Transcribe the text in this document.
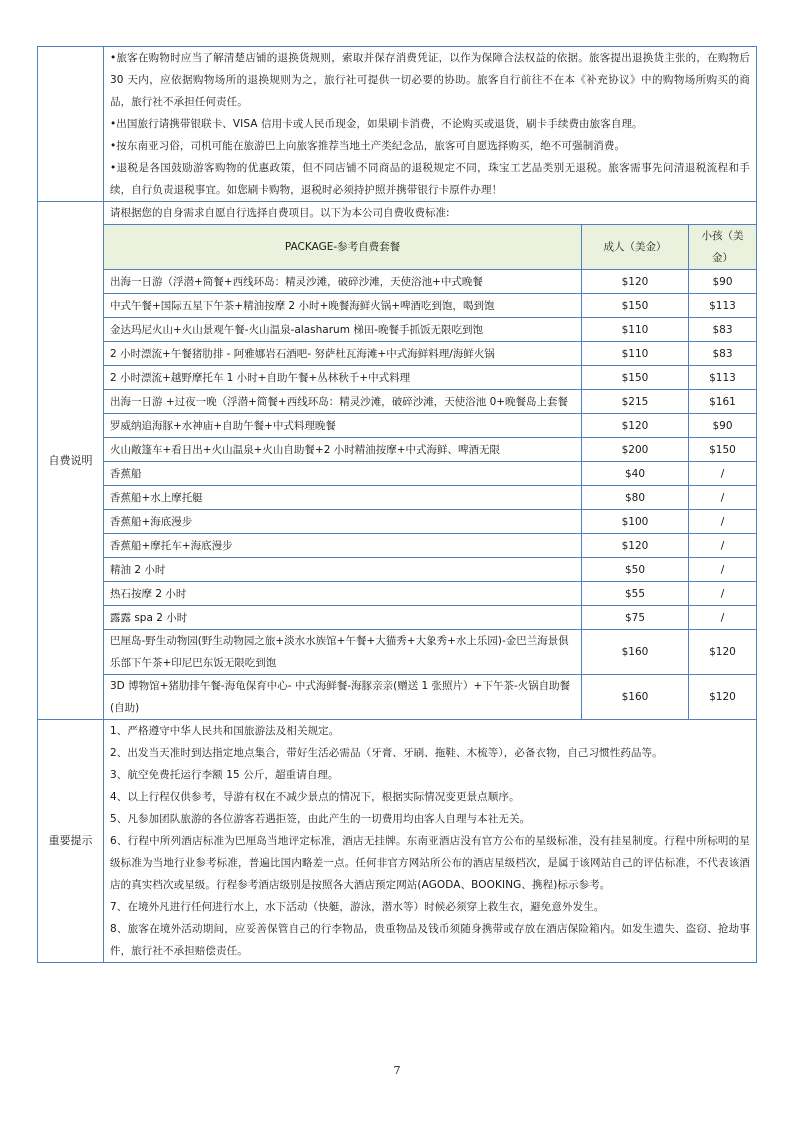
•旅客在购物时应当了解清楚店铺的退换货规则，索取并保存消费凭证，以作为保障合法权益的依据。旅客提出退换货主张的，在购物后 30 天内，应依据购物场所的退换规则为之，旅行社可提供一切必要的协助。旅客自行前往不在本《补充协议》中的购物场所购买的商品，旅行社不承担任何责任。
•出国旅行请携带银联卡、VISA 信用卡或人民币现金，如果刷卡消费，不论购买或退货，刷卡手续费由旅客自理。
•按东南亚习俗，司机可能在旅游巴上向旅客推荐当地土产类纪念品，旅客可自愿选择购买，绝不可强制消费。
•退税是各国鼓励游客购物的优惠政策，但不同店铺不同商品的退税规定不同，珠宝工艺品类别无退税。旅客需事先问清退税流程和手续，自行负责退税事宜。如您刷卡购物，退税时必须持护照并携带银行卡原件办理！

自费说明	
请根据您的自身需求自愿自行选择自费项目。以下为本公司自费收费标准:
PACKAGE-参考自费套餐	成人（美金）	小孩（美金）
出海一日游（浮潜+简餐+西线环岛：精灵沙滩，破碎沙滩，天使浴池+中式晚餐	$120	$90
中式午餐+国际五星下午茶+精油按摩 2 小时+晚餐海鲜火锅+啤酒吃到饱，喝到饱	$150	$113
金达玛尼火山+火山景观午餐-火山温泉-alasharum 梯田-晚餐手抓饭无限吃到饱	$110	$83
2 小时漂流+午餐猪肋排 - 阿雅娜岩石酒吧- 努萨杜瓦海滩+中式海鲜料理/海鲜火锅	$110	$83
2 小时漂流+越野摩托车 1 小时+自助午餐+丛林秋千+中式料理	$150	$113
出海一日游 +过夜一晚（浮潜+简餐+西线环岛：精灵沙滩，破碎沙滩，天使浴池 0+晚餐岛上套餐	$215	$161
罗威纳追海豚+水神庙+自助午餐+中式料理晚餐	$120	$90
火山敞篷车+看日出+火山温泉+火山自助餐+2 小时精油按摩+中式海鲜、啤酒无限	$200	$150
香蕉船	$40	/
香蕉船+水上摩托艇	$80	/
香蕉船+海底漫步	$100	/
香蕉船+摩托车+海底漫步	$120	/
精油 2 小时	$50	/
热石按摩 2 小时	$55	/
露露 spa 2 小时	$75	/
巴厘岛-野生动物园(野生动物园之旅+淡水水族馆+午餐+大猫秀+大象秀+水上乐园)-金巴兰海景俱乐部下午茶+印尼巴东饭无限吃到饱	$160	$120
3D 博物馆+猪肋排午餐-海龟保育中心- 中式海鲜餐-海豚亲亲(赠送 1 张照片）+下午茶-火锅自助餐(自助)	$160	$120

重要提示	
1、严格遵守中华人民共和国旅游法及相关规定。
2、出发当天准时到达指定地点集合，带好生活必需品（牙膏、牙刷、拖鞋、木梳等），必备衣物，自己习惯性药品等。
3、航空免费托运行李额 15 公斤，超重请自理。
4、以上行程仅供参考，导游有权在不减少景点的情况下，根据实际情况变更景点顺序。
5、凡参加团队旅游的各位游客若遇拒签，由此产生的一切费用均由客人自理与本社无关。
6、行程中所列酒店标准为巴厘岛当地评定标准，酒店无挂牌。东南亚酒店没有官方公布的星级标准，没有挂星制度。行程中所标明的星级标准为当地行业参考标准，普遍比国内略差一点。任何非官方网站所公布的酒店星级档次，是属于该网站自己的评估标准，不代表该酒店的真实档次或星级。行程参考酒店级别是按照各大酒店预定网站(AGODA、BOOKING、携程)标示参考。
7、在境外凡进行任何进行水上，水下活动（快艇，游泳，潜水等）时候必须穿上救生衣，避免意外发生。
8、旅客在境外活动期间，应妥善保管自己的行李物品，贵重物品及钱币须随身携带或存放在酒店保险箱内。如发生遗失、盗窃、抢劫事件，旅行社不承担赔偿责任。
7
